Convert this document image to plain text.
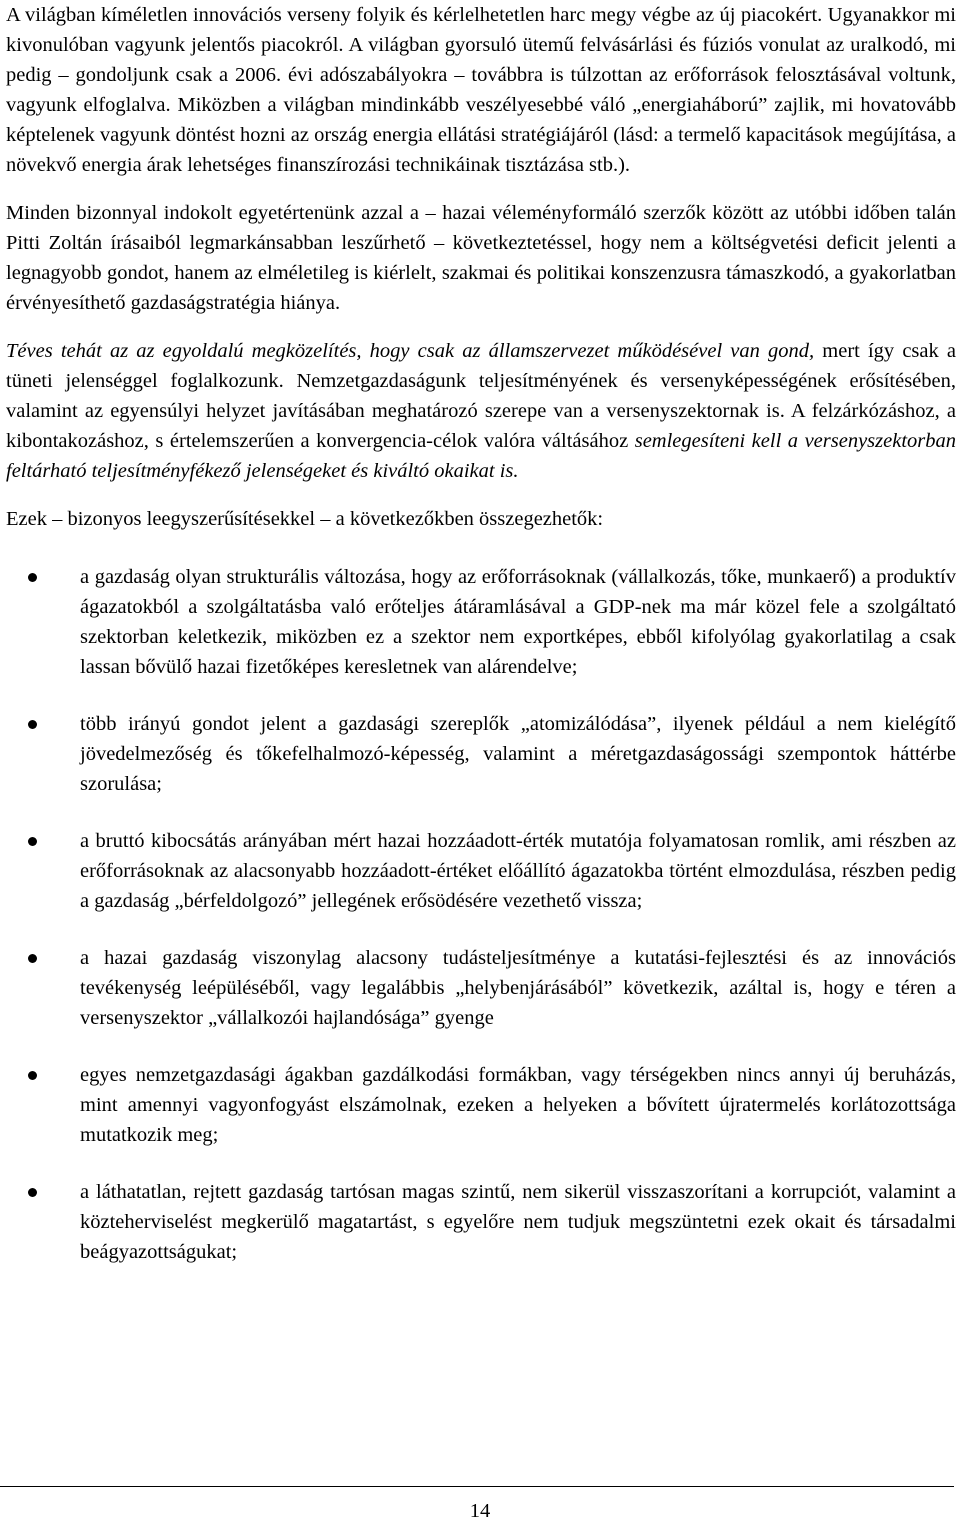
A világban kíméletlen innovációs verseny folyik és kérlelhetetlen harc megy végbe az új piacokért. Ugyanakkor mi kivonulóban vagyunk jelentős piacokról. A világban gyorsuló ütemű felvásárlási és fúziós vonulat az uralkodó, mi pedig – gondoljunk csak a 2006. évi adószabályokra – továbbra is túlzottan az erőforrások felosztásával voltunk, vagyunk elfoglalva. Miközben a világban mindinkább veszélyesebbé váló „energiaháború” zajlik, mi hovatovább képtelenek vagyunk döntést hozni az ország energia ellátási stratégiájáról (lásd: a termelő kapacitások megújítása, a növekvő energia árak lehetséges finanszírozási technikáinak tisztázása stb.).

Minden bizonnyal indokolt egyetértenünk azzal a – hazai véleményformáló szerzők között az utóbbi időben talán Pitti Zoltán írásaiból legmarkánsabban leszűrhető – következtetéssel, hogy nem a költségvetési deficit jelenti a legnagyobb gondot, hanem az elméletileg is kiérlelt, szakmai és politikai konszenzusra támaszkodó, a gyakorlatban érvényesíthető gazdaságstratégia hiánya.

Téves tehát az az egyoldalú megközelítés, hogy csak az államszervezet működésével van gond, mert így csak a tüneti jelenséggel foglalkozunk. Nemzetgazdaságunk teljesítményének és versenyképességének erősítésében, valamint az egyensúlyi helyzet javításában meghatározó szerepe van a versenyszektornak is. A felzárkózáshoz, a kibontakozáshoz, s értelemszerűen a konvergencia-célok valóra váltásához semlegesíteni kell a versenyszektorban feltárható teljesítményfékező jelenségeket és kiváltó okaikat is.

Ezek – bizonyos leegyszerűsítésekkel – a következőkben összegezhetők:

a gazdaság olyan strukturális változása, hogy az erőforrásoknak (vállalkozás, tőke, munkaerő) a produktív ágazatokból a szolgáltatásba való erőteljes átáramlásával a GDP-nek ma már közel fele a szolgáltató szektorban keletkezik, miközben ez a szektor nem exportképes, ebből kifolyólag gyakorlatilag a csak lassan bővülő hazai fizetőképes keresletnek van alárendelve;
több irányú gondot jelent a gazdasági szereplők „atomizálódása”, ilyenek például a nem kielégítő jövedelmezőség és tőkefelhalmozó-képesség, valamint a méretgazdaságossági szempontok háttérbe szorulása;
a bruttó kibocsátás arányában mért hazai hozzáadott-érték mutatója folyamatosan romlik, ami részben az erőforrásoknak az alacsonyabb hozzáadott-értéket előállító ágazatokba történt elmozdulása, részben pedig a gazdaság „bérfeldolgozó” jellegének erősödésére vezethető vissza;
a hazai gazdaság viszonylag alacsony tudásteljesítménye a kutatási-fejlesztési és az innovációs tevékenység leépüléséből, vagy legalábbis „helybenjárásából” következik, azáltal is, hogy e téren a versenyszektor „vállalkozói hajlandósága” gyenge
egyes nemzetgazdasági ágakban gazdálkodási formákban, vagy térségekben nincs annyi új beruházás, mint amennyi vagyonfogyást elszámolnak, ezeken a helyeken a bővített újratermelés korlátozottsága mutatkozik meg;
a láthatatlan, rejtett gazdaság tartósan magas szintű, nem sikerül visszaszorítani a korrupciót, valamint a közteherviselést megkerülő magatartást, s egyelőre nem tudjuk megszüntetni ezek okait és társadalmi beágyazottságukat;
14
